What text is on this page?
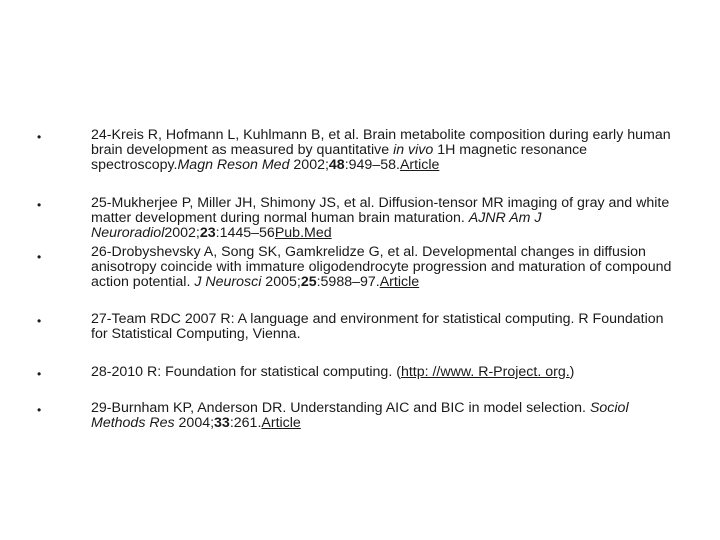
•	24-Kreis R, Hofmann L, Kuhlmann B, et al. Brain metabolite composition during early human brain development as measured by quantitative in vivo 1H magnetic resonance spectroscopy.Magn Reson Med 2002;48:949–58.Article
•	25-Mukherjee P, Miller JH, Shimony JS, et al. Diffusion-tensor MR imaging of gray and white matter development during normal human brain maturation. AJNR Am J Neuroradiol2002;23:1445–56Pub.Med
•	26-Drobyshevsky A, Song SK, Gamkrelidze G, et al. Developmental changes in diffusion anisotropy coincide with immature oligodendrocyte progression and maturation of compound action potential. J Neurosci 2005;25:5988–97.Article
•	27-Team RDC 2007 R: A language and environment for statistical computing. R Foundation for Statistical Computing, Vienna.
•	28-2010 R: Foundation for statistical computing. (http: //www. R-Project. org.)
•	29-Burnham KP, Anderson DR. Understanding AIC and BIC in model selection. Sociol Methods Res 2004;33:261.Article
